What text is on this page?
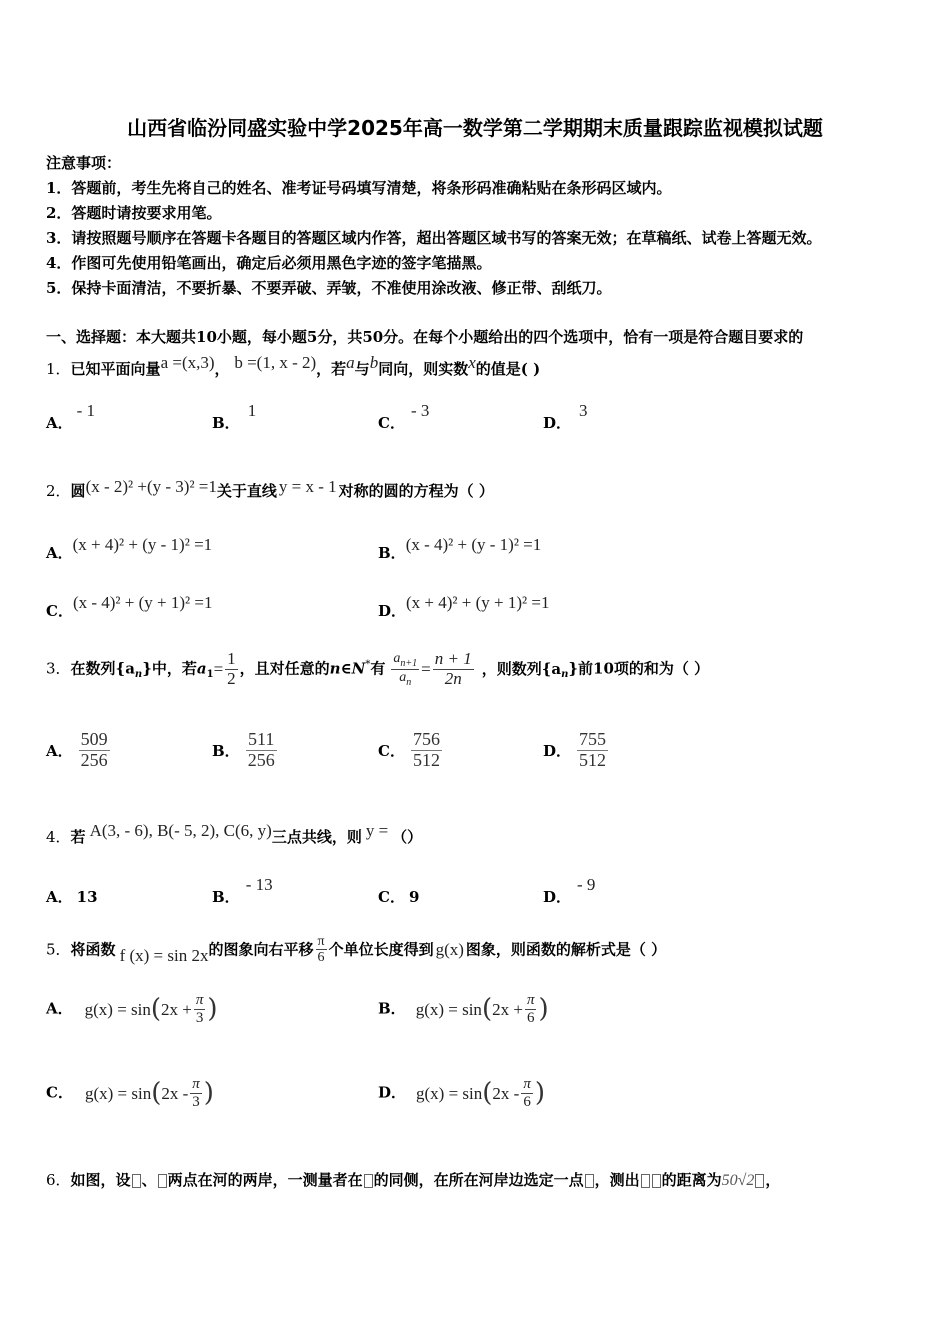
山西省临汾同盛实验中学2025年高一数学第二学期期末质量跟踪监视模拟试题
注意事项：
1．答题前，考生先将自己的姓名、准考证号码填写清楚，将条形码准确粘贴在条形码区域内。
2．答题时请按要求用笔。
3．请按照题号顺序在答题卡各题目的答题区域内作答，超出答题区域书写的答案无效；在草稿纸、试卷上答题无效。
4．作图可先使用铅笔画出，确定后必须用黑色字迹的签字笔描黑。
5．保持卡面清洁，不要折暴、不要弄破、弄皱，不准使用涂改液、修正带、刮纸刀。
一、选择题：本大题共10小题，每小题5分，共50分。在每个小题给出的四个选项中，恰有一项是符合题目要求的
1．已知平面向量a =(x,3)， b =(1, x - 2)，若a与b同向，则实数x的值是( )
A．- 1
B．1
C．- 3
D．3
2．圆(x - 2)² +(y - 3)² =1关于直线 y = x - 1 对称的圆的方程为（ ）
A．(x + 4)² + (y - 1)² =1	B．(x - 4)² + (y - 1)² =1
C．(x - 4)² + (y + 1)² =1	D．(x + 4)² + (y + 1)² =1
3．在数列$\{a_n\}$中，若$a_1= \frac{1}{2}$ ，且对任意的n∈N*有 $\frac{a_{n+1}}{a_n} = \frac{n + 1}{2n}$ ，则数列$\{a_n\}$前10项的和为（ ）
A． $\frac{509}{256}$	B． $\frac{511}{256}$	C． $\frac{756}{512}$	D． $\frac{755}{512}$
4．若 A(3, - 6), B(- 5, 2), C(6, y)三点共线，则 y = （）
A． 13	B．- 13
C． 9	D．- 9
5．将函数 f (x) = sin 2x的图象向右平移 $\frac{\pi}{6}$ 个单位长度得到 g(x) 图象，则函数的解析式是（ ）
A． $g(x) = \sin(2x + \frac{\pi}{3}$ )	B． $g(x) = \sin(2x + \frac{\pi}{6}$ )
C． $g(x) = \sin(2x - \frac{\pi}{3}$ )	D． $g(x) = \sin(2x - \frac{\pi}{6}$ )
6．如图，设 、 两点在河的两岸，一测量者在 的同侧，在所在河岸边选定一点 ，测出 的距离为50√2 ，
